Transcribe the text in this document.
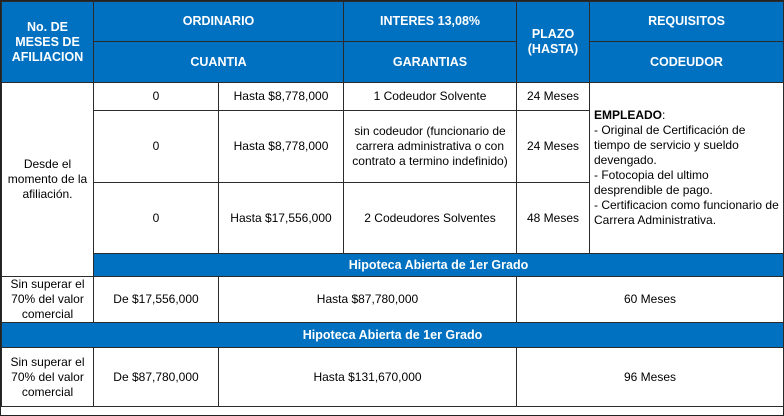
No. DE MESES DE AFILIACION	ORDINARIO		INTERES 13,08%	PLAZO (HASTA)	REQUISITOS
	CUANTIA		GARANTIAS		CODEUDOR
Desde el momento de la afiliación.	0	Hasta $8,778,000	1 Codeudor Solvente	24 Meses	EMPLEADO:
- Original de Certificación de tiempo de servicio y sueldo devengado.
- Fotocopia del ultimo desprendible de pago.
- Certificacion como funcionario de Carrera Administrativa.

	0	Hasta $8,778,000	sin codeudor (funcionario de carrera administrativa o con contrato a termino indefinido)	24 Meses	
	0	Hasta $17,556,000	2 Codeudores Solventes	48 Meses	
	Hipoteca Abierta de 1er Grado				
Sin superar el 70% del valor comercial	De $17,556,000	Hasta $87,780,000		60 Meses	
Hipoteca Abierta de 1er Grado					
Sin superar el 70% del valor comercial	De $87,780,000	Hasta $131,670,000		96 Meses	
